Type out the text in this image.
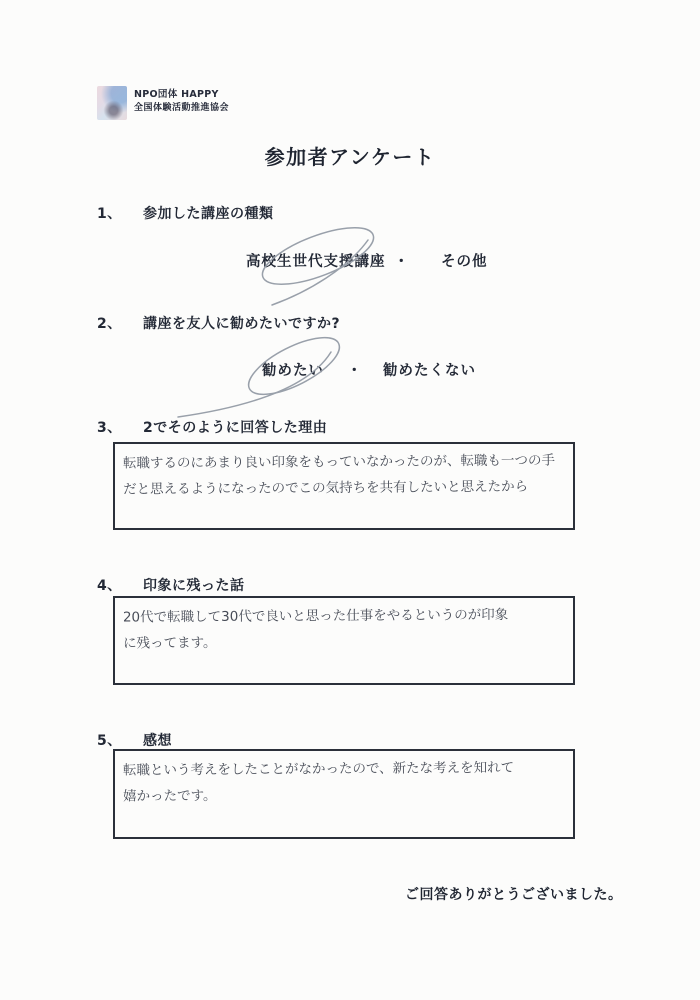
NPO団体 HAPPY
全国体験活動推進協会
参加者アンケート
1、 参加した講座の種類
高校生世代支援講座 ・ その他
2、 講座を友人に勧めたいですか?
勧めたい ・ 勧めたくない
3、 2でそのように回答した理由
転職するのにあまり良い印象をもっていなかったのが、転職も一つの手
だと思えるようになったのでこの気持ちを共有したいと思えたから
4、 印象に残った話
20代で転職して30代で良いと思った仕事をやるというのが印象
に残ってます。
5、 感想
転職という考えをしたことがなかったので、新たな考えを知れて
嬉かったです。
ご回答ありがとうございました。
